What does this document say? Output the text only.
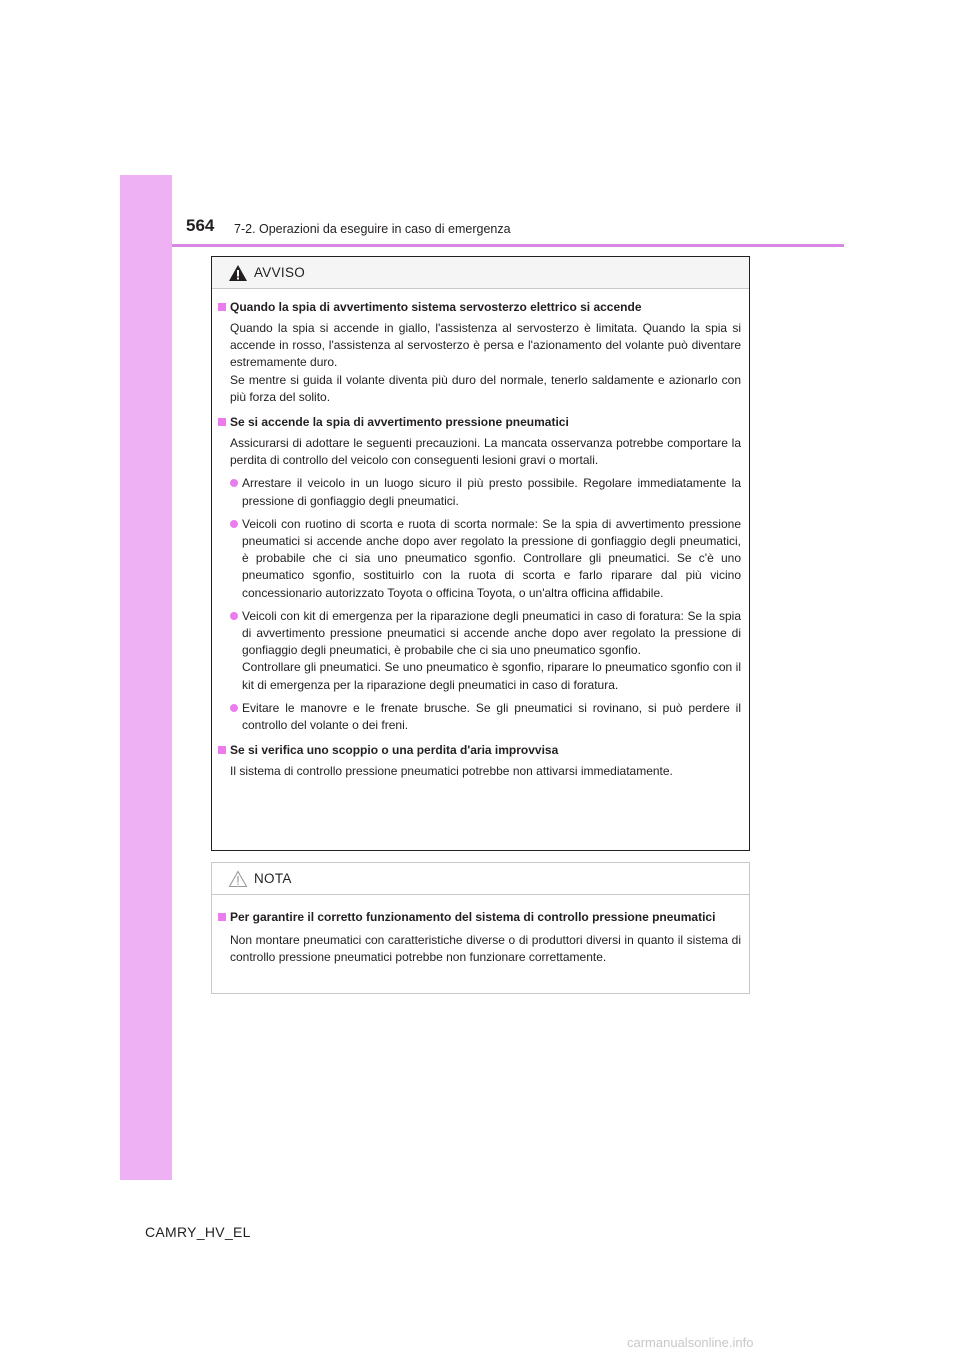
564 7-2. Operazioni da eseguire in caso di emergenza
AVVISO
Quando la spia di avvertimento sistema servosterzo elettrico si accende
Quando la spia si accende in giallo, l'assistenza al servosterzo è limitata. Quando la spia si accende in rosso, l'assistenza al servosterzo è persa e l'azionamento del volante può diventare estremamente duro.
Se mentre si guida il volante diventa più duro del normale, tenerlo saldamente e azionarlo con più forza del solito.
Se si accende la spia di avvertimento pressione pneumatici
Assicurarsi di adottare le seguenti precauzioni. La mancata osservanza potrebbe comportare la perdita di controllo del veicolo con conseguenti lesioni gravi o mortali.
Arrestare il veicolo in un luogo sicuro il più presto possibile. Regolare immediatamente la pressione di gonfiaggio degli pneumatici.
Veicoli con ruotino di scorta e ruota di scorta normale: Se la spia di avvertimento pressione pneumatici si accende anche dopo aver regolato la pressione di gonfiaggio degli pneumatici, è probabile che ci sia uno pneumatico sgonfio. Controllare gli pneumatici. Se c'è uno pneumatico sgonfio, sostituirlo con la ruota di scorta e farlo riparare dal più vicino concessionario autorizzato Toyota o officina Toyota, o un'altra officina affidabile.
Veicoli con kit di emergenza per la riparazione degli pneumatici in caso di foratura: Se la spia di avvertimento pressione pneumatici si accende anche dopo aver regolato la pressione di gonfiaggio degli pneumatici, è probabile che ci sia uno pneumatico sgonfio.
Controllare gli pneumatici. Se uno pneumatico è sgonfio, riparare lo pneumatico sgonfio con il kit di emergenza per la riparazione degli pneumatici in caso di foratura.
Evitare le manovre e le frenate brusche. Se gli pneumatici si rovinano, si può perdere il controllo del volante o dei freni.
Se si verifica uno scoppio o una perdita d'aria improvvisa
Il sistema di controllo pressione pneumatici potrebbe non attivarsi immediatamente.
NOTA
Per garantire il corretto funzionamento del sistema di controllo pressione pneumatici
Non montare pneumatici con caratteristiche diverse o di produttori diversi in quanto il sistema di controllo pressione pneumatici potrebbe non funzionare correttamente.
CAMRY_HV_EL
carmanualsonline.info
